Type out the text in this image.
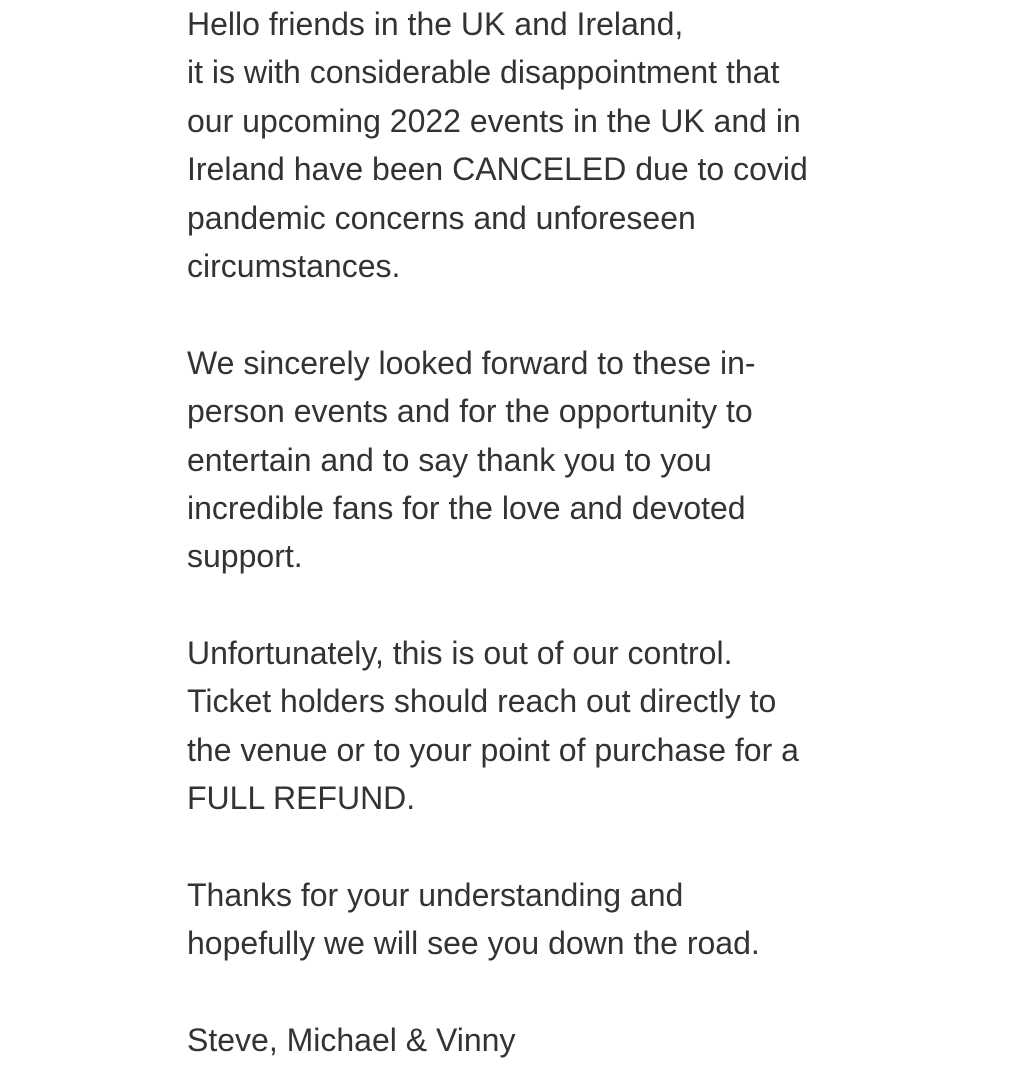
Hello friends in the UK and Ireland,
it is with considerable disappointment that
our upcoming 2022 events in the UK and in
Ireland have been CANCELED due to covid
pandemic concerns and unforeseen
circumstances.

We sincerely looked forward to these in-
person events and for the opportunity to
entertain and to say thank you to you
incredible fans for the love and devoted
support.

Unfortunately, this is out of our control.
Ticket holders should reach out directly to
the venue or to your point of purchase for a
FULL REFUND.

Thanks for your understanding and
hopefully we will see you down the road.

Steve, Michael & Vinny
